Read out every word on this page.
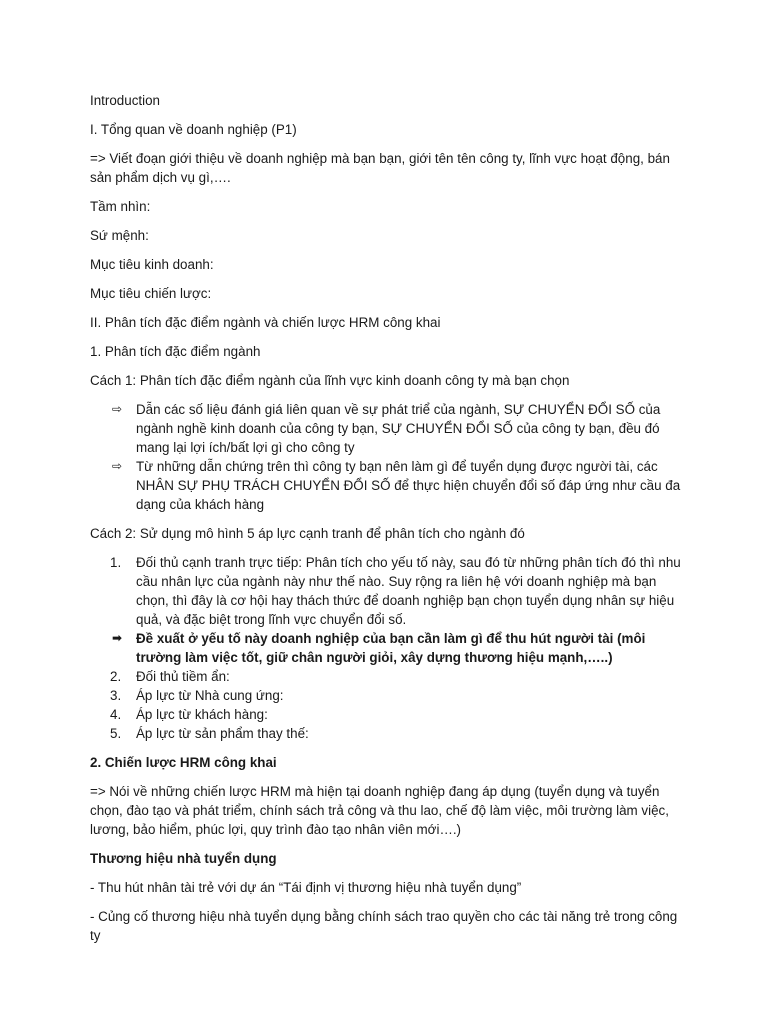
Introduction

I. Tổng quan về doanh nghiệp (P1)

=> Viết đoạn giới thiệu về doanh nghiệp mà bạn bạn, giới tên tên công ty, lĩnh vực hoạt động, bán sản phẩm dịch vụ gì,….

Tầm nhìn:

Sứ mệnh:

Mục tiêu kinh doanh:

Mục tiêu chiến lược:

II. Phân tích đặc điểm ngành và chiến lược HRM công khai

1. Phân tích đặc điểm ngành

Cách 1: Phân tích đặc điểm ngành của lĩnh vực kinh doanh công ty mà bạn chọn

⇨	Dẫn các số liệu đánh giá liên quan về sự phát triể của ngành, SỰ CHUYỂN ĐỔI SỐ của ngành nghề kinh doanh của công ty bạn, SỰ CHUYỂN ĐỔI SỐ của công ty bạn, đều đó mang lại lợi ích/bất lợi gì cho công ty
⇨	Từ những dẫn chứng trên thì công ty bạn nên làm gì để tuyển dụng được người tài, các NHÂN SỰ PHỤ TRÁCH CHUYỂN ĐỔI SỐ để thực hiện chuyển đổi số đáp ứng như cầu đa dạng của khách hàng

Cách 2: Sử dụng mô hình 5 áp lực cạnh tranh để phân tích cho ngành đó

1.	Đối thủ cạnh tranh trực tiếp: Phân tích cho yếu tố này, sau đó từ những phân tích đó thì nhu cầu nhân lực của ngành này như thế nào. Suy rộng ra liên hệ với doanh nghiệp mà bạn chọn, thì đây là cơ hội hay thách thức để doanh nghiệp bạn chọn tuyển dụng nhân sự hiệu quả, và đặc biệt trong lĩnh vực chuyển đổi số.
➡	Đề xuất ở yếu tố này doanh nghiệp của bạn cần làm gì để thu hút người tài (môi trường làm việc tốt, giữ chân người giỏi, xây dựng thương hiệu mạnh,…..)
2.	Đối thủ tiềm ẩn:
3.	Áp lực từ Nhà cung ứng:
4.	Áp lực từ khách hàng:
5.	Áp lực từ sản phẩm thay thế:

2. Chiến lược HRM công khai

=> Nói về những chiến lược HRM mà hiện tại doanh nghiệp đang áp dụng (tuyển dụng và tuyển chọn, đào tạo và phát triểm, chính sách trả công và thu lao, chế độ làm việc, môi trường làm việc, lương, bảo hiểm, phúc lợi, quy trình đào tạo nhân viên mới….)

Thương hiệu nhà tuyển dụng

- Thu hút nhân tài trẻ với dự án “Tái định vị thương hiệu nhà tuyển dụng”

- Củng cố thương hiệu nhà tuyển dụng bằng chính sách trao quyền cho các tài năng trẻ trong công ty
